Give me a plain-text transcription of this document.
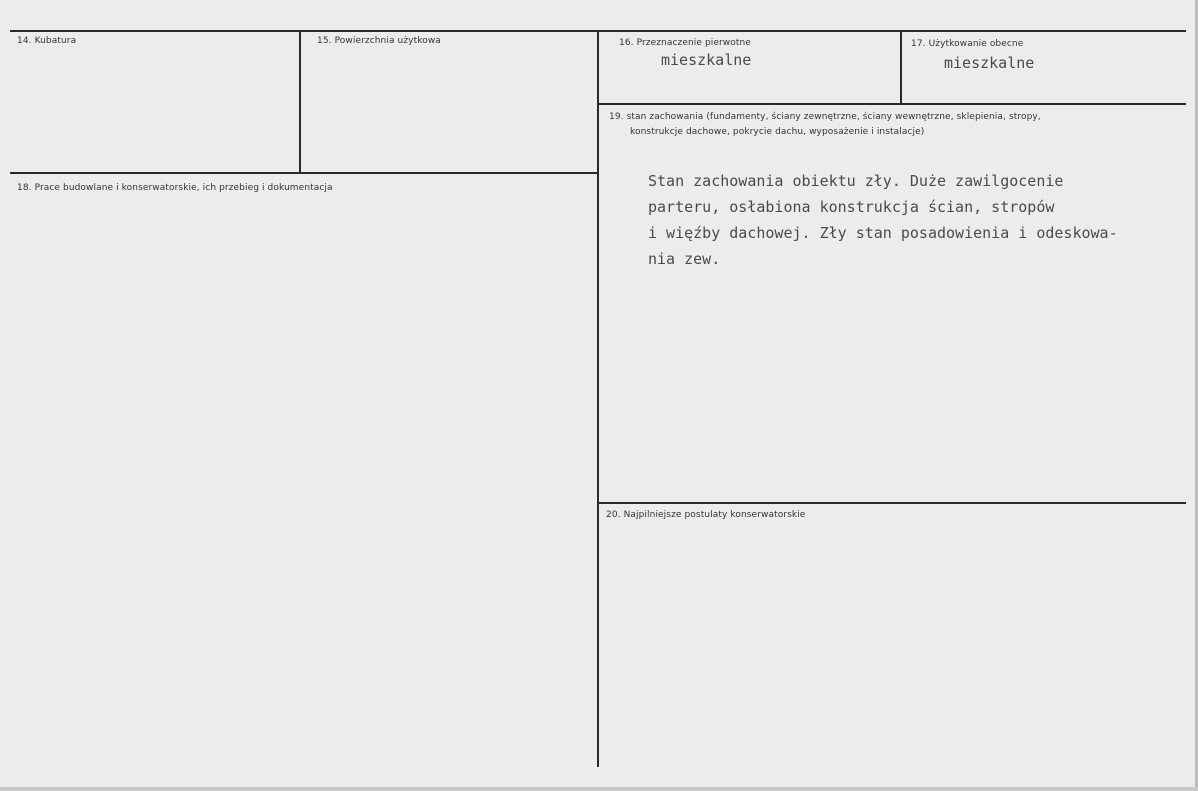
14. Kubatura	15. Powierzchnia użytkowa	16. Przeznaczenie pierwotne
mieszkalne
17. Użytkowanie obecne
mieszkalne
18. Prace budowlane i konserwatorskie, ich przebieg i dokumentacja
19. stan zachowania (fundamenty, ściany zewnętrzne, ściany wewnętrzne, sklepienia, stropy,
konstrukcje dachowe, pokrycie dachu, wyposażenie i instalacje)
Stan zachowania obiektu zły. Duże zawilgocenie
parteru, osłabiona konstrukcja ścian, stropów
i więźby dachowej. Zły stan posadowienia i odeskowa-
nia zew.
20. Najpilniejsze postulaty konserwatorskie
